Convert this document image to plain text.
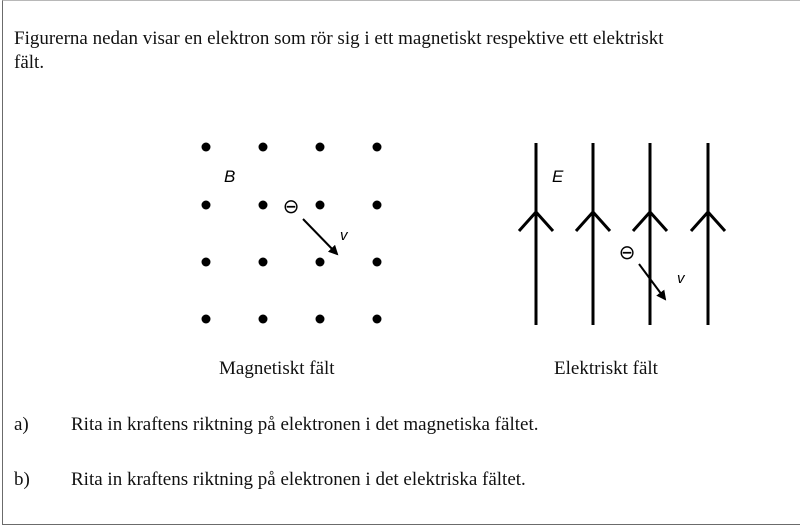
Figurerna nedan visar en elektron som rör sig i ett magnetiskt respektive ett elektriskt
fält.
B
⊖
v
E
⊖
v
Magnetiskt fält	Elektriskt fält
a) Rita in kraftens riktning på elektronen i det magnetiska fältet.
b) Rita in kraftens riktning på elektronen i det elektriska fältet.
